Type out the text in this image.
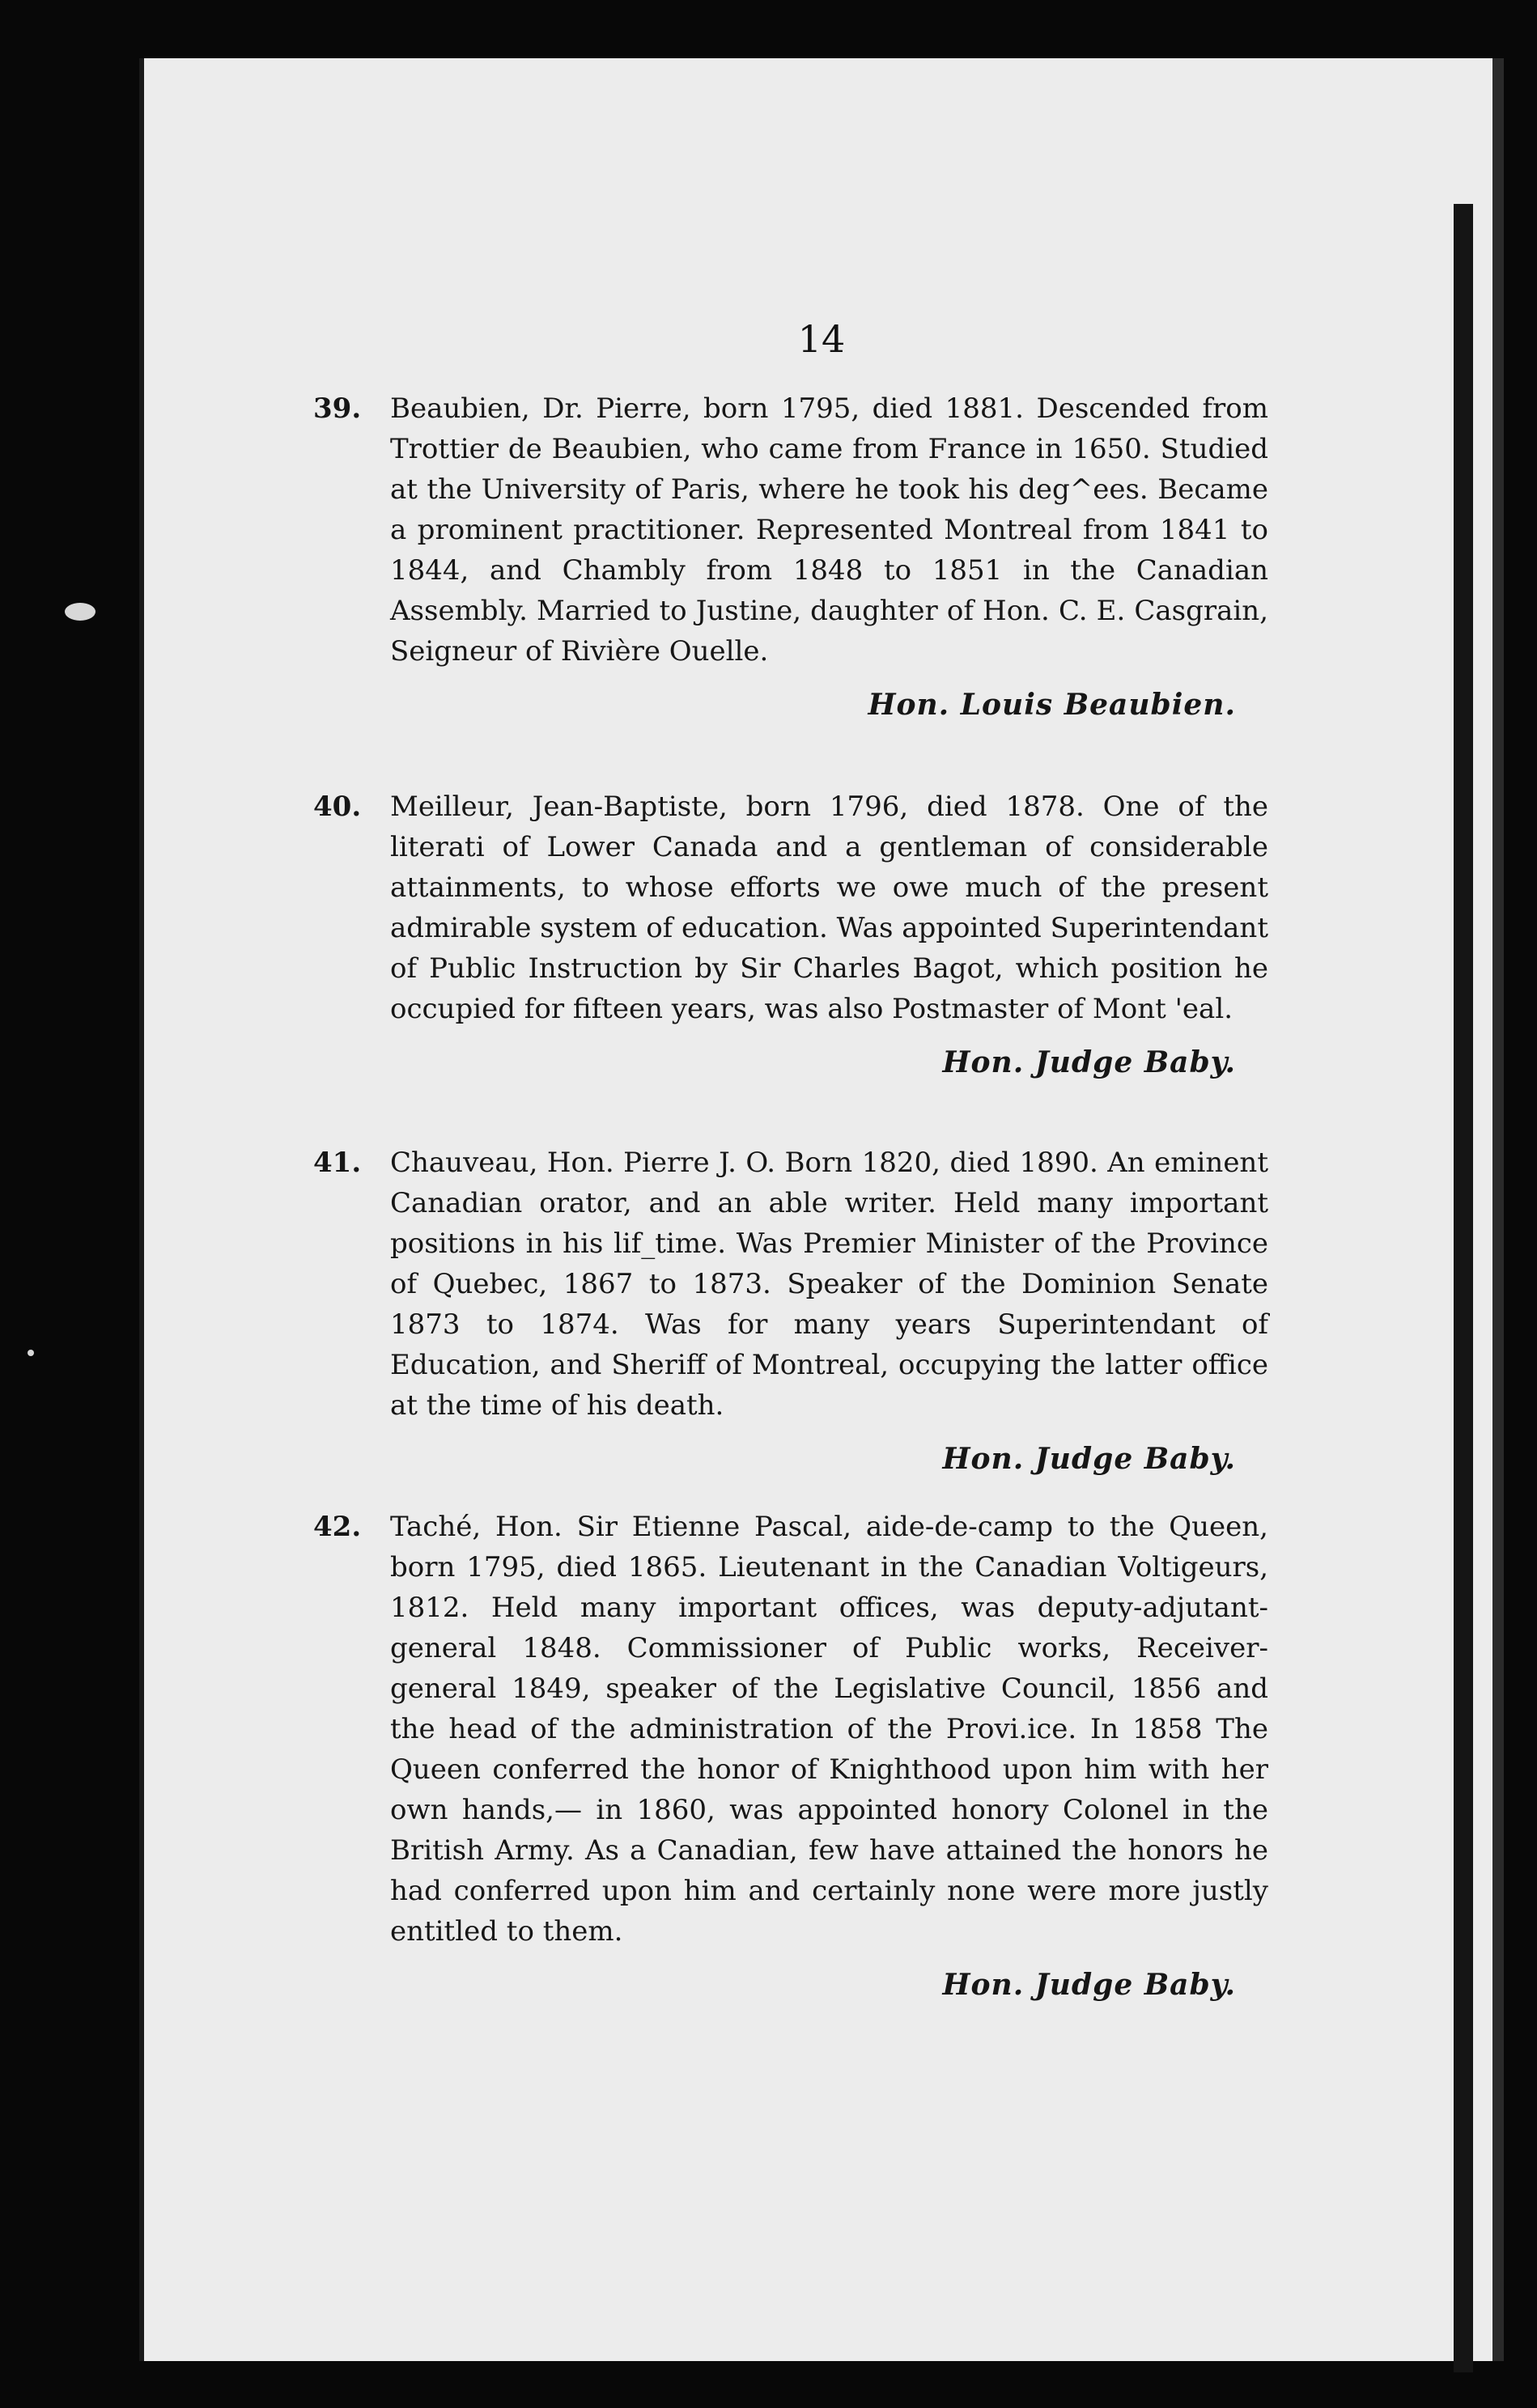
14
39. Beaubien, Dr. Pierre, born 1795, died 1881. Descended from Trottier de Beaubien, who came from France in 1650. Studied at the University of Paris, where he took his deg^ees. Became a prominent practitioner. Represented Montreal from 1841 to 1844, and Chambly from 1848 to 1851 in the Canadian Assembly. Married to Justine, daughter of Hon. C. E. Casgrain, Seigneur of Rivière Ouelle.

Hon. Louis Beaubien.
40. Meilleur, Jean-Baptiste, born 1796, died 1878. One of the literati of Lower Canada and a gentleman of considerable attainments, to whose efforts we owe much of the present admirable system of education. Was appointed Superintendant of Public Instruction by Sir Charles Bagot, which position he occupied for fifteen years, was also Postmaster of Mont 'eal.

Hon. Judge Baby.
41. Chauveau, Hon. Pierre J. O. Born 1820, died 1890. An eminent Canadian orator, and an able writer. Held many important positions in his lif_time. Was Premier Minister of the Province of Quebec, 1867 to 1873. Speaker of the Dominion Senate 1873 to 1874. Was for many years Superintendant of Education, and Sheriff of Montreal, occupying the latter office at the time of his death.

Hon. Judge Baby.
42. Taché, Hon. Sir Etienne Pascal, aide-de-camp to the Queen, born 1795, died 1865. Lieutenant in the Canadian Voltigeurs, 1812. Held many important offices, was deputy-adjutant-general 1848. Commissioner of Public works, Receiver-general 1849, speaker of the Legislative Council, 1856 and the head of the administration of the Provi.ice. In 1858 The Queen conferred the honor of Knighthood upon him with her own hands,— in 1860, was appointed honory Colonel in the British Army. As a Canadian, few have attained the honors he had conferred upon him and certainly none were more justly entitled to them.

Hon. Judge Baby.
